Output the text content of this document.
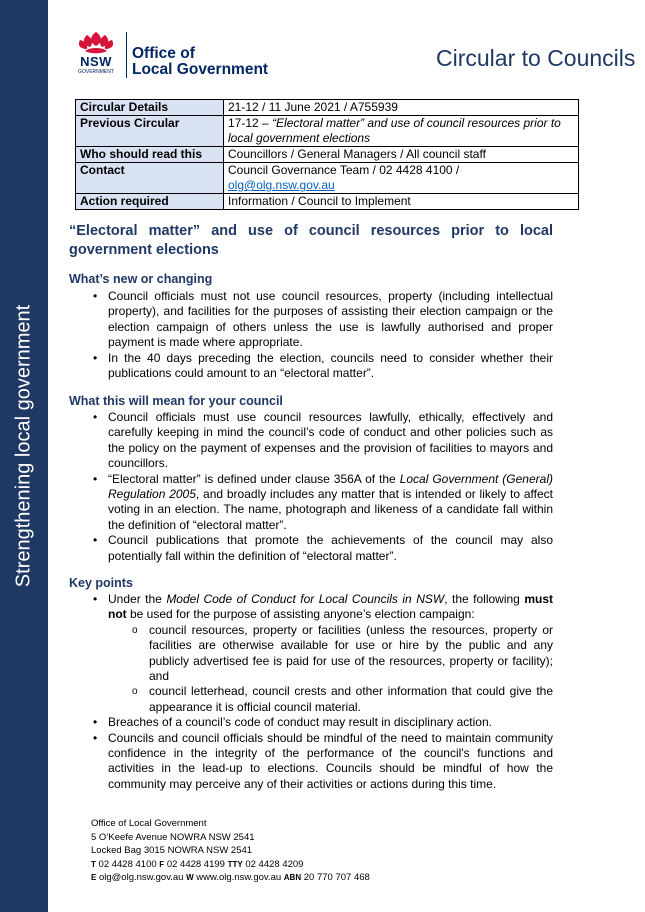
Strengthening local government
NSW
GOVERNMENT
Office of
Local Government	Circular to Councils
Circular Details	21-12 / 11 June 2021 / A755939
Previous Circular	17-12 – “Electoral matter” and use of council resources prior to local government elections
Who should read this	Councillors / General Managers / All council staff
Contact	Council Governance Team / 02 4428 4100 /
olg@olg.nsw.gov.au
Action required	Information / Council to Implement
“Electoral matter” and use of council resources prior to local government elections
What’s new or changing
• Council officials must not use council resources, property (including intellectual property), and facilities for the purposes of assisting their election campaign or the election campaign of others unless the use is lawfully authorised and proper payment is made where appropriate.
• In the 40 days preceding the election, councils need to consider whether their publications could amount to an “electoral matter”.
What this will mean for your council
• Council officials must use council resources lawfully, ethically, effectively and carefully keeping in mind the council’s code of conduct and other policies such as the policy on the payment of expenses and the provision of facilities to mayors and councillors.
• “Electoral matter” is defined under clause 356A of the Local Government (General) Regulation 2005, and broadly includes any matter that is intended or likely to affect voting in an election. The name, photograph and likeness of a candidate fall within the definition of “electoral matter”.
• Council publications that promote the achievements of the council may also potentially fall within the definition of “electoral matter”.
Key points
• Under the Model Code of Conduct for Local Councils in NSW, the following must not be used for the purpose of assisting anyone’s election campaign:
o council resources, property or facilities (unless the resources, property or facilities are otherwise available for use or hire by the public and any publicly advertised fee is paid for use of the resources, property or facility); and
o council letterhead, council crests and other information that could give the appearance it is official council material.
• Breaches of a council’s code of conduct may result in disciplinary action.
• Councils and council officials should be mindful of the need to maintain community confidence in the integrity of the performance of the council's functions and activities in the lead-up to elections. Councils should be mindful of how the community may perceive any of their activities or actions during this time.
Office of Local Government
5 O’Keefe Avenue NOWRA NSW 2541
Locked Bag 3015 NOWRA NSW 2541
T 02 4428 4100 F 02 4428 4199 TTY 02 4428 4209
E olg@olg.nsw.gov.au W www.olg.nsw.gov.au ABN 20 770 707 468
